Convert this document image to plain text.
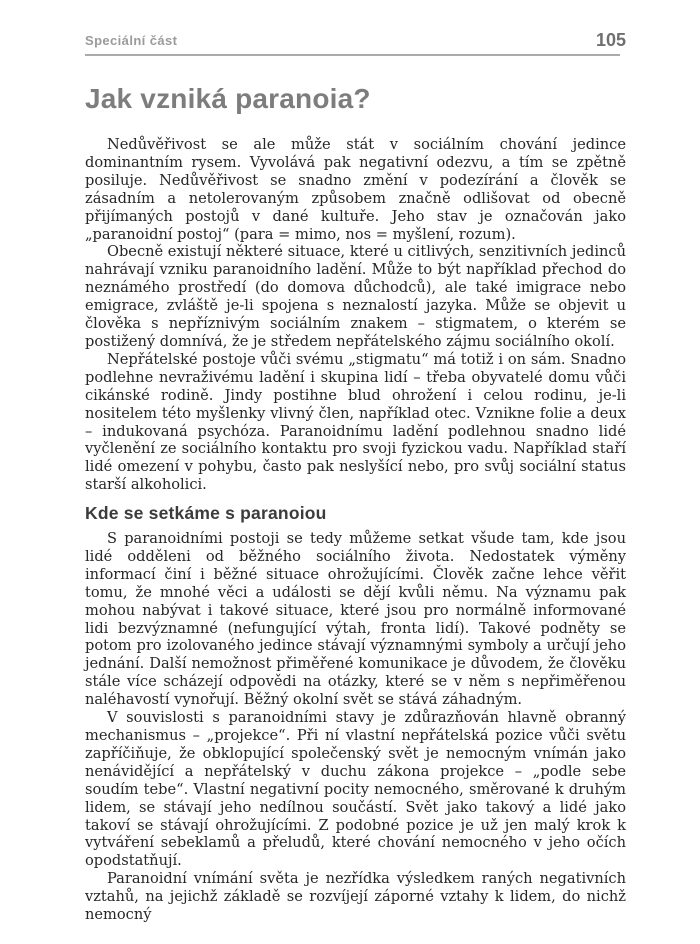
Speciální část	105
Jak vzniká paranoia?

Nedůvěřivost se ale může stát v sociálním chování jedince dominantním rysem. Vyvolává pak negativní odezvu, a tím se zpětně posiluje. Nedůvěřivost se snadno změní v podezírání a člověk se zásadním a netolerovaným způsobem značně odlišovat od obecně přijímaných postojů v dané kultuře. Jeho stav je označován jako „paranoidní postoj“ (para = mimo, nos = myšlení, rozum).

Obecně existují některé situace, které u citlivých, senzitivních jedinců nahrávají vzniku paranoidního ladění. Může to být například přechod do neznámého prostředí (do domova důchodců), ale také imigrace nebo emigrace, zvláště je-li spojena s neznalostí jazyka. Může se objevit u člověka s nepříznivým sociálním znakem – stigmatem, o kterém se postižený domnívá, že je středem nepřátelského zájmu sociálního okolí.

Nepřátelské postoje vůči svému „stigmatu“ má totiž i on sám. Snadno podlehne nevraživému ladění i skupina lidí – třeba obyvatelé domu vůči cikánské rodině. Jindy postihne blud ohrožení i celou rodinu, je-li nositelem této myšlenky vlivný člen, například otec. Vznikne folie a deux – indukovaná psychóza. Paranoidnímu ladění podlehnou snadno lidé vyčlenění ze sociálního kontaktu pro svoji fyzickou vadu. Například staří lidé omezení v pohybu, často pak neslyšící nebo, pro svůj sociální status starší alkoholici.

Kde se setkáme s paranoiou

S paranoidními postoji se tedy můžeme setkat všude tam, kde jsou lidé odděleni od běžného sociálního života. Nedostatek výměny informací činí i běžné situace ohrožujícími. Člověk začne lehce věřit tomu, že mnohé věci a události se dějí kvůli němu. Na významu pak mohou nabývat i takové situace, které jsou pro normálně informované lidi bezvýznamné (nefungující výtah, fronta lidí). Takové podněty se potom pro izolovaného jedince stávají významnými symboly a určují jeho jednání. Další nemožnost přiměřené komunikace je důvodem, že člověku stále více scházejí odpovědi na otázky, které se v něm s nepřiměřenou naléhavostí vynořují. Běžný okolní svět se stává záhadným.

V souvislosti s paranoidními stavy je zdůrazňován hlavně obranný mechanismus – „projekce“. Při ní vlastní nepřátelská pozice vůči světu zapříčiňuje, že obklopující společenský svět je nemocným vnímán jako nenávidějící a nepřátelský v duchu zákona projekce – „podle sebe soudím tebe“. Vlastní negativní pocity nemocného, směrované k druhým lidem, se stávají jeho nedílnou součástí. Svět jako takový a lidé jako takoví se stávají ohrožujícími. Z podobné pozice je už jen malý krok k vytváření sebeklamů a přeludů, které chování nemocného v jeho očích opodstatňují.

Paranoidní vnímání světa je nezřídka výsledkem raných negativních vztahů, na jejichž základě se rozvíjejí záporné vztahy k lidem, do nichž nemocný
